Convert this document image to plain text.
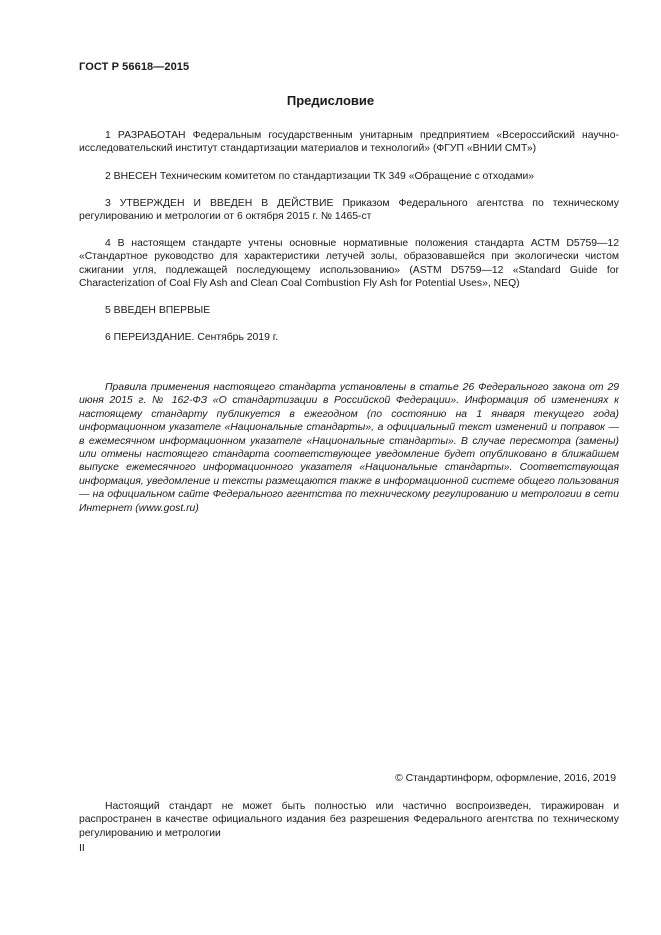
ГОСТ Р 56618—2015
Предисловие

1 РАЗРАБОТАН Федеральным государственным унитарным предприятием «Всероссийский научно-исследовательский институт стандартизации материалов и технологий» (ФГУП «ВНИИ СМТ»)

2 ВНЕСЕН Техническим комитетом по стандартизации ТК 349 «Обращение с отходами»

3 УТВЕРЖДЕН И ВВЕДЕН В ДЕЙСТВИЕ Приказом Федерального агентства по техническому регулированию и метрологии от 6 октября 2015 г. № 1465-ст

4 В настоящем стандарте учтены основные нормативные положения стандарта АСТМ D5759—12 «Стандартное руководство для характеристики летучей золы, образовавшейся при экологически чистом сжигании угля, подлежащей последующему использованию» (ASTM D5759—12 «Standard Guide for Characterization of Coal Fly Ash and Clean Coal Combustion Fly Ash for Potential Uses», NEQ)

5 ВВЕДЕН ВПЕРВЫЕ

6 ПЕРЕИЗДАНИЕ. Сентябрь 2019 г.

Правила применения настоящего стандарта установлены в статье 26 Федерального закона от 29 июня 2015 г. № 162-ФЗ «О стандартизации в Российской Федерации». Информация об изменениях к настоящему стандарту публикуется в ежегодном (по состоянию на 1 января текущего года) информационном указателе «Национальные стандарты», а официальный текст изменений и поправок — в ежемесячном информационном указателе «Национальные стандарты». В случае пересмотра (замены) или отмены настоящего стандарта соответствующее уведомление будет опубликовано в ближайшем выпуске ежемесячного информационного указателя «Национальные стандарты». Соответствующая информация, уведомление и тексты размещаются также в информационной системе общего пользования — на официальном сайте Федерального агентства по техническому регулированию и метрологии в сети Интернет (www.gost.ru)

© Стандартинформ, оформление, 2016, 2019

Настоящий стандарт не может быть полностью или частично воспроизведен, тиражирован и распространен в качестве официального издания без разрешения Федерального агентства по техническому регулированию и метрологии

II
